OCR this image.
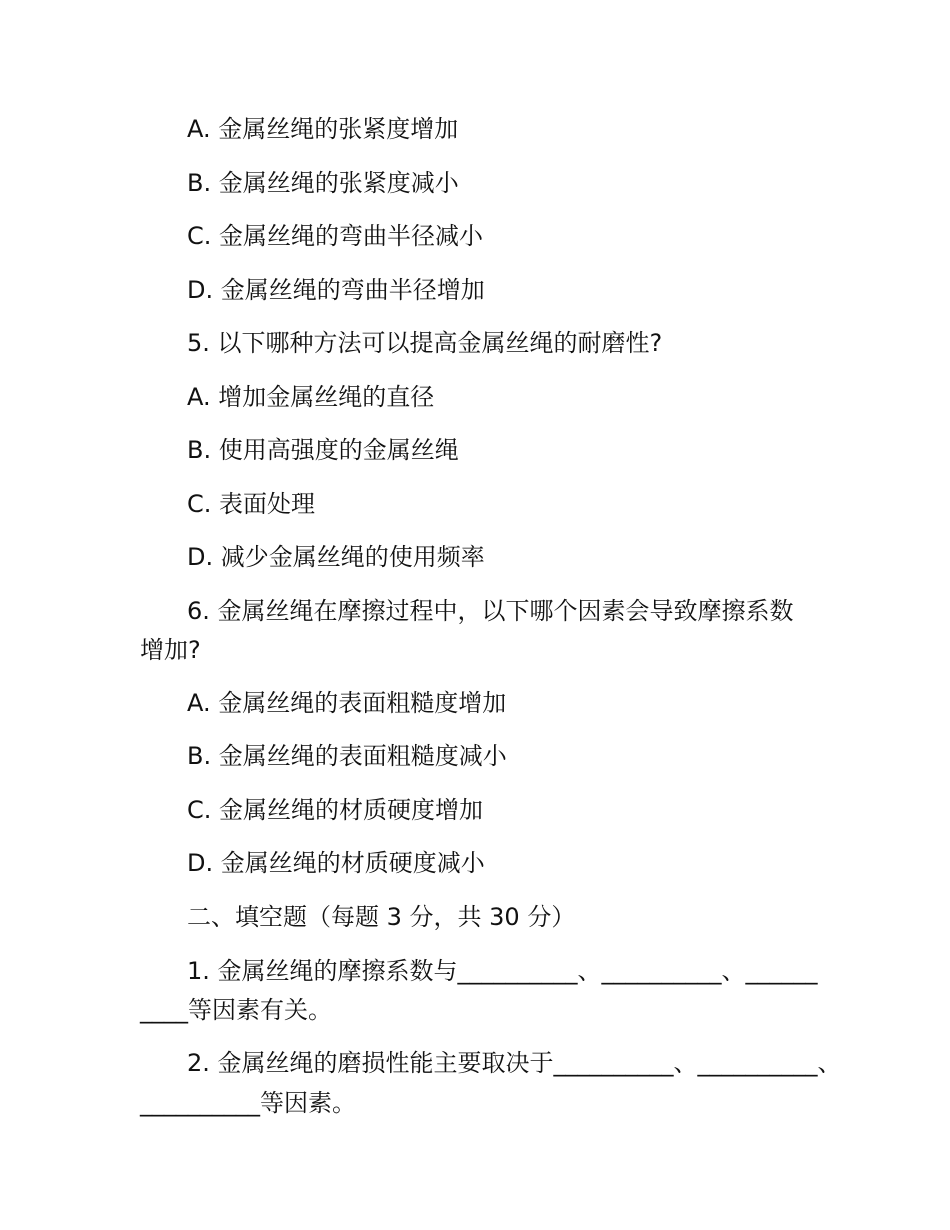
A. 金属丝绳的张紧度增加
B. 金属丝绳的张紧度减小
C. 金属丝绳的弯曲半径减小
D. 金属丝绳的弯曲半径增加
5. 以下哪种方法可以提高金属丝绳的耐磨性?
A. 增加金属丝绳的直径
B. 使用高强度的金属丝绳
C. 表面处理
D. 减少金属丝绳的使用频率
6. 金属丝绳在摩擦过程中，以下哪个因素会导致摩擦系数
增加?
A. 金属丝绳的表面粗糙度增加
B. 金属丝绳的表面粗糙度减小
C. 金属丝绳的材质硬度增加
D. 金属丝绳的材质硬度减小
二、填空题（每题 3 分，共 30 分）
1. 金属丝绳的摩擦系数与__________、__________、______
____等因素有关。
2. 金属丝绳的磨损性能主要取决于__________、__________、
__________等因素。
